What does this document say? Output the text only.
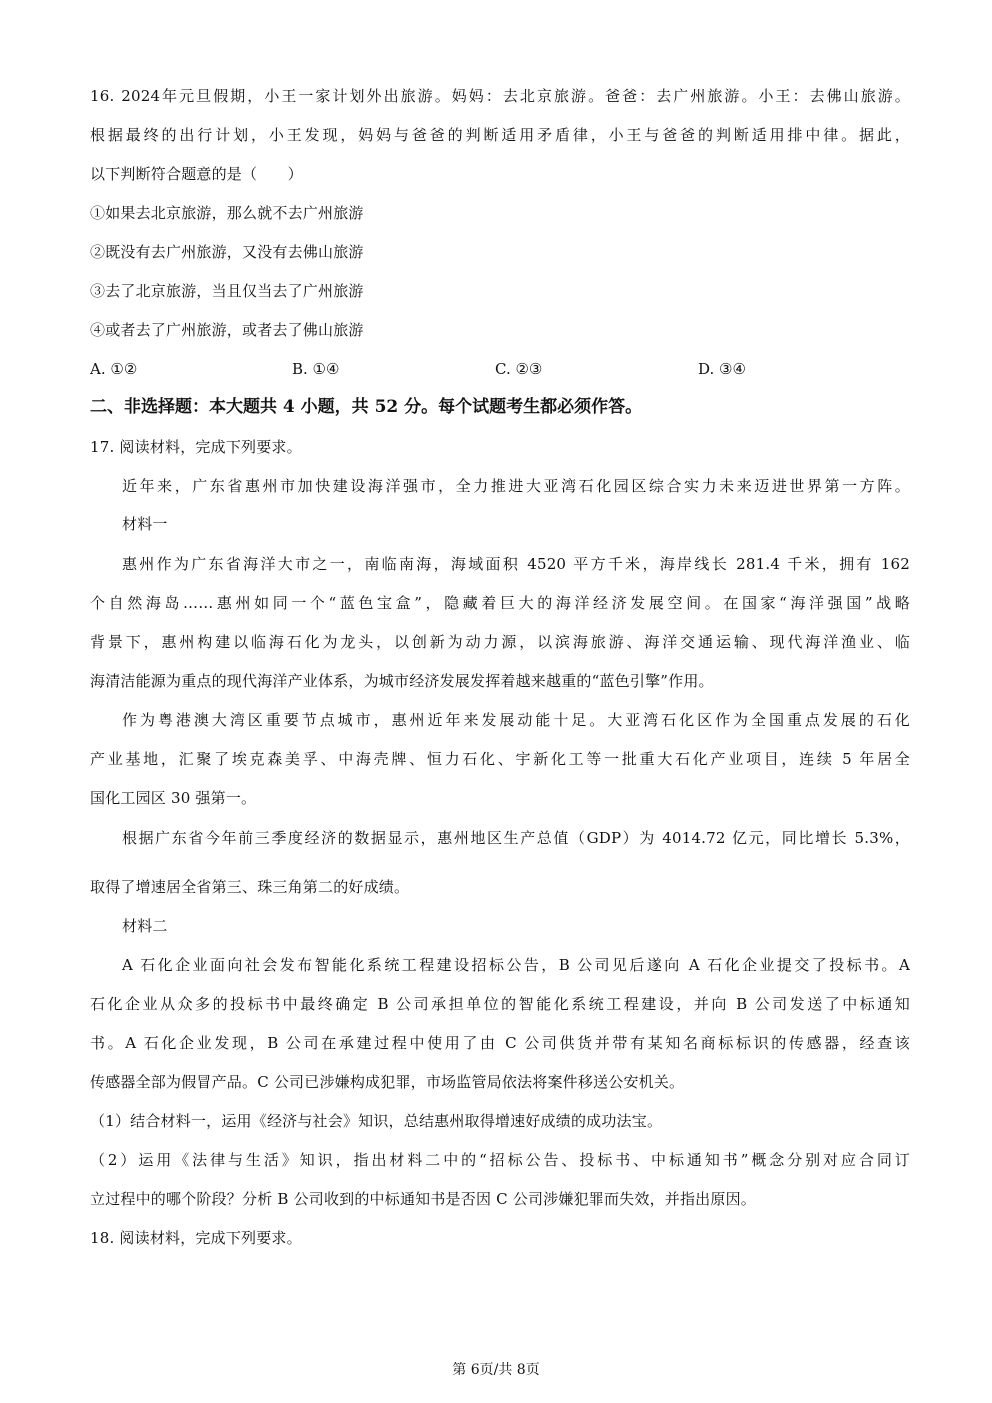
16. 2024年元旦假期，小王一家计划外出旅游。妈妈：去北京旅游。爸爸：去广州旅游。小王：去佛山旅游。
根据最终的出行计划，小王发现，妈妈与爸爸的判断适用矛盾律，小王与爸爸的判断适用排中律。据此，
以下判断符合题意的是（　　）
①如果去北京旅游，那么就不去广州旅游
②既没有去广州旅游，又没有去佛山旅游
③去了北京旅游，当且仅当去了广州旅游
④或者去了广州旅游，或者去了佛山旅游
A. ①②	B. ①④	C. ②③	D. ③④
二、非选择题：本大题共 4 小题，共 52 分。每个试题考生都必须作答。
17. 阅读材料，完成下列要求。
近年来，广东省惠州市加快建设海洋强市，全力推进大亚湾石化园区综合实力未来迈进世界第一方阵。
材料一
惠州作为广东省海洋大市之一，南临南海，海域面积 4520 平方千米，海岸线长 281.4 千米，拥有 162
个自然海岛……惠州如同一个“蓝色宝盒”，隐藏着巨大的海洋经济发展空间。在国家“海洋强国”战略
背景下，惠州构建以临海石化为龙头，以创新为动力源，以滨海旅游、海洋交通运输、现代海洋渔业、临
海清洁能源为重点的现代海洋产业体系，为城市经济发展发挥着越来越重的“蓝色引擎”作用。
作为粤港澳大湾区重要节点城市，惠州近年来发展动能十足。大亚湾石化区作为全国重点发展的石化
产业基地，汇聚了埃克森美孚、中海壳牌、恒力石化、宇新化工等一批重大石化产业项目，连续 5 年居全
国化工园区 30 强第一。
根据广东省今年前三季度经济的数据显示，惠州地区生产总值（GDP）为 4014.72 亿元，同比增长 5.3%，
取得了增速居全省第三、珠三角第二的好成绩。
材料二
A 石化企业面向社会发布智能化系统工程建设招标公告，B 公司见后遂向 A 石化企业提交了投标书。A
石化企业从众多的投标书中最终确定 B 公司承担单位的智能化系统工程建设，并向 B 公司发送了中标通知
书。A 石化企业发现，B 公司在承建过程中使用了由 C 公司供货并带有某知名商标标识的传感器，经查该
传感器全部为假冒产品。C 公司已涉嫌构成犯罪，市场监管局依法将案件移送公安机关。
（1）结合材料一，运用《经济与社会》知识，总结惠州取得增速好成绩的成功法宝。
（2）运用《法律与生活》知识，指出材料二中的“招标公告、投标书、中标通知书”概念分别对应合同订
立过程中的哪个阶段？分析 B 公司收到的中标通知书是否因 C 公司涉嫌犯罪而失效，并指出原因。
18. 阅读材料，完成下列要求。
第 6页/共 8页
